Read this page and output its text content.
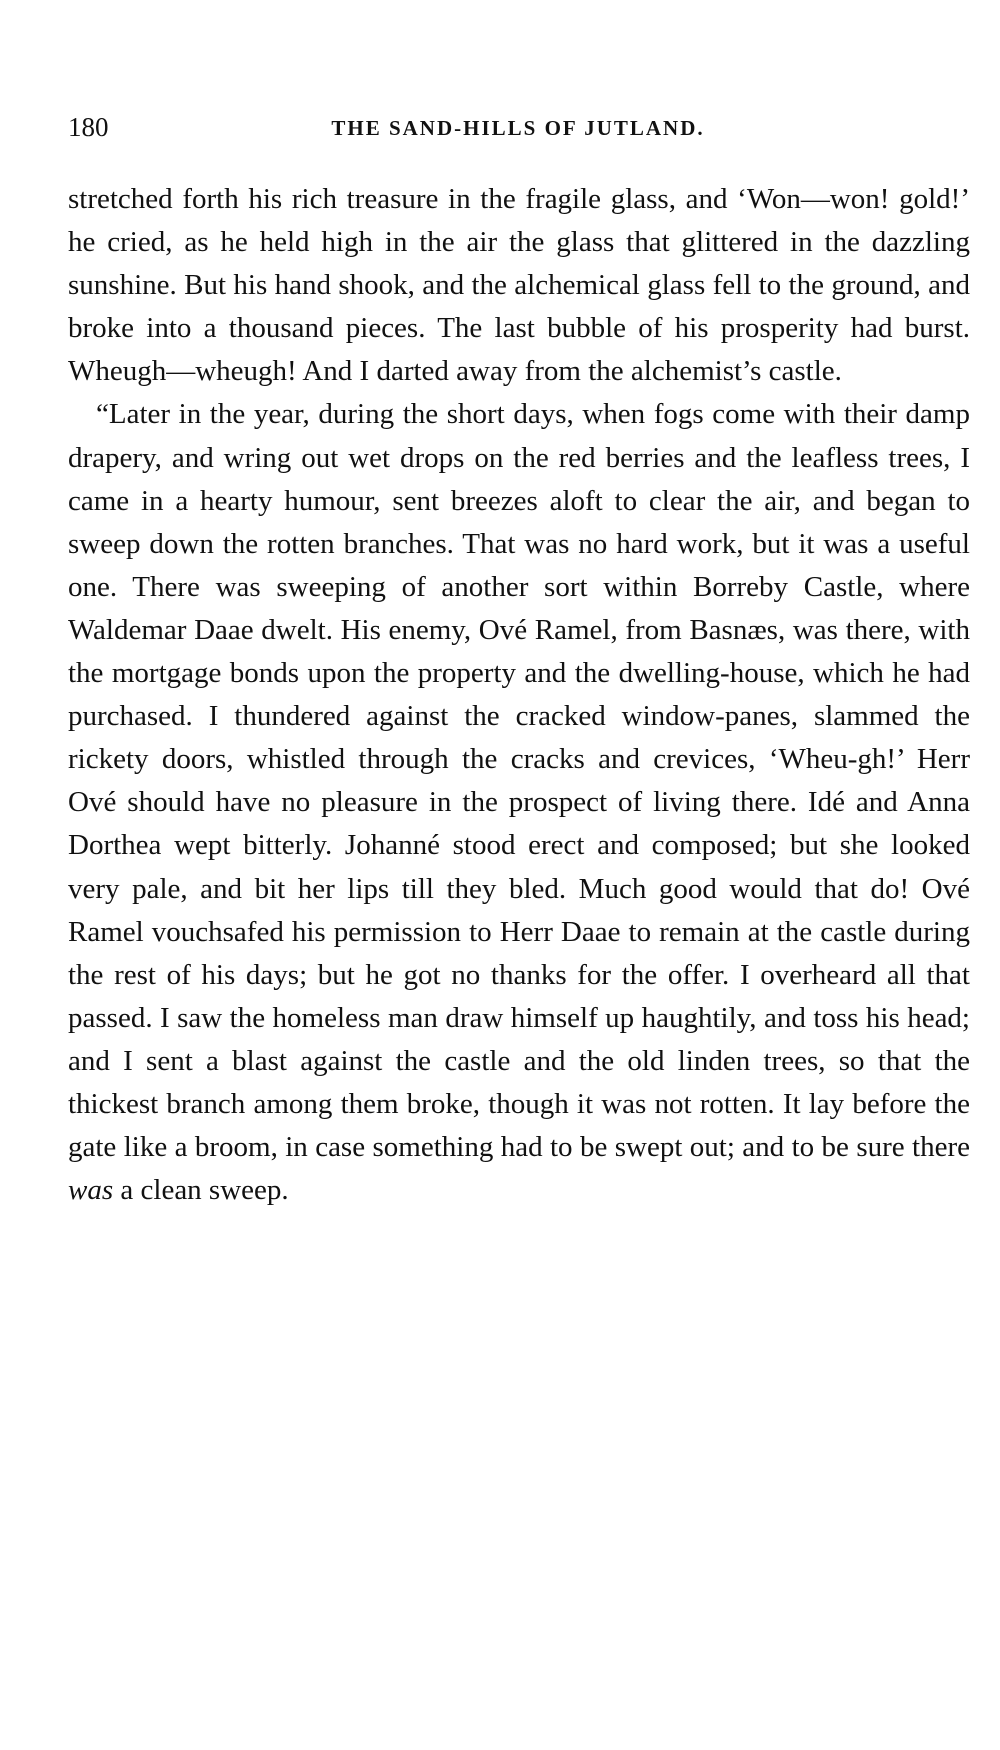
180	THE SAND-HILLS OF JUTLAND.

stretched forth his rich treasure in the fragile glass, and ‘Won—won! gold!’ he cried, as he held high in the air the glass that glittered in the dazzling sunshine. But his hand shook, and the alchemical glass fell to the ground, and broke into a thousand pieces. The last bubble of his prosperity had burst. Wheugh—wheugh! And I darted away from the alchemist’s castle.

“Later in the year, during the short days, when fogs come with their damp drapery, and wring out wet drops on the red berries and the leafless trees, I came in a hearty humour, sent breezes aloft to clear the air, and began to sweep down the rotten branches. That was no hard work, but it was a useful one. There was sweeping of another sort within Borreby Castle, where Waldemar Daae dwelt. His enemy, Ové Ramel, from Basnæs, was there, with the mortgage bonds upon the property and the dwelling-house, which he had purchased. I thundered against the cracked window-panes, slammed the rickety doors, whistled through the cracks and crevices, ‘Wheu-gh!’ Herr Ové should have no pleasure in the prospect of living there. Idé and Anna Dorthea wept bitterly. Johanné stood erect and composed; but she looked very pale, and bit her lips till they bled. Much good would that do! Ové Ramel vouchsafed his permission to Herr Daae to remain at the castle during the rest of his days; but he got no thanks for the offer. I overheard all that passed. I saw the homeless man draw himself up haughtily, and toss his head; and I sent a blast against the castle and the old linden trees, so that the thickest branch among them broke, though it was not rotten. It lay before the gate like a broom, in case something had to be swept out; and to be sure there was a clean sweep.
